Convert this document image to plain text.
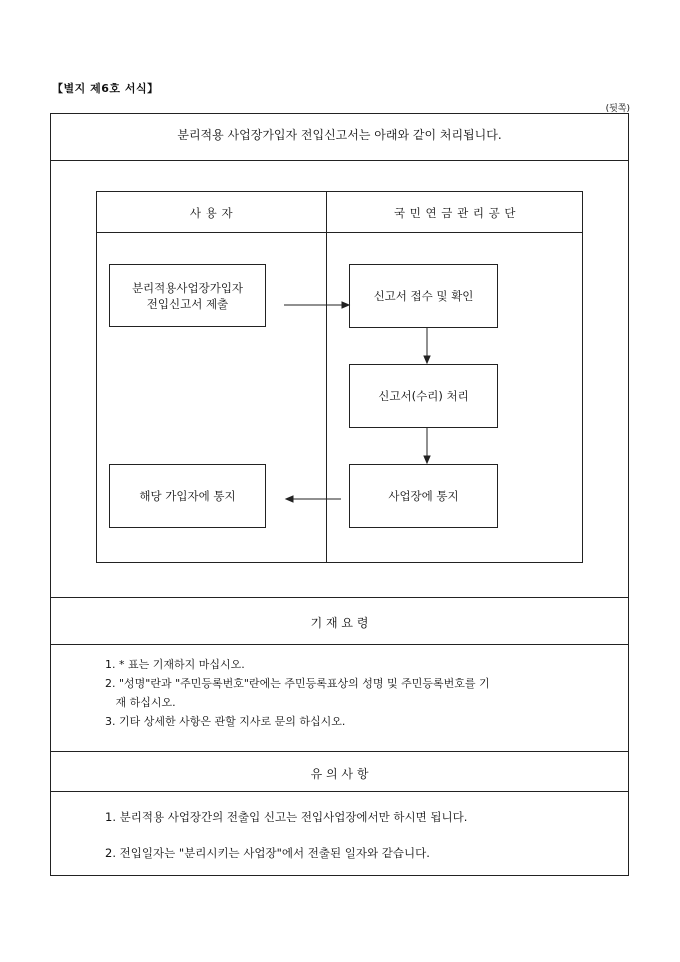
【별지 제6호 서식】
(뒷쪽)
분리적용 사업장가입자 전입신고서는 아래와 같이 처리됩니다.
사 용 자	국 민 연 금 관 리 공 단
분리적용사업장가입자
전입신고서 제출
신고서 접수 및 확인
신고서(수리) 처리
사업장에 통지
해당 가입자에 통지
기 재 요 령
1. * 표는 기재하지 마십시오.
2. "성명"란과 "주민등록번호"란에는 주민등록표상의 성명 및 주민등록번호를 기
재 하십시오.
3. 기타 상세한 사항은 관할 지사로 문의 하십시오.
유 의 사 항
1. 분리적용 사업장간의 전출입 신고는 전입사업장에서만 하시면 됩니다.
2. 전입일자는 "분리시키는 사업장"에서 전출된 일자와 같습니다.
